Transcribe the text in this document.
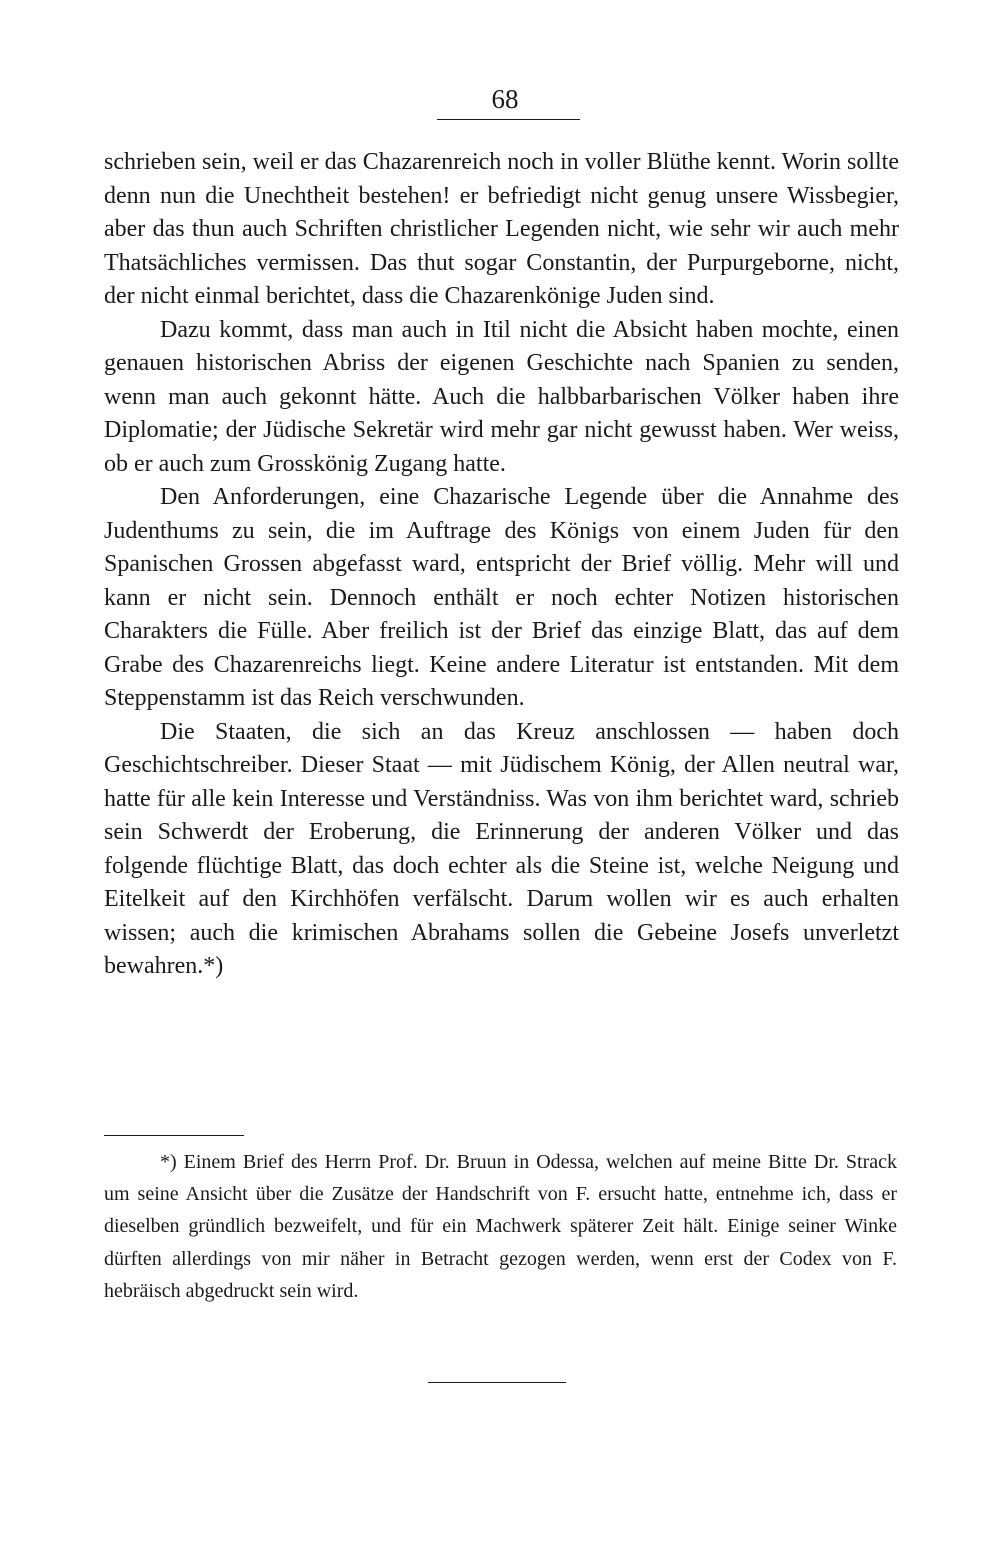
68

schrieben sein, weil er das Chazarenreich noch in voller Blüthe kennt. Worin sollte denn nun die Unechtheit bestehen! er befriedigt nicht genug unsere Wissbegier, aber das thun auch Schriften christlicher Legenden nicht, wie sehr wir auch mehr Thatsächliches vermissen. Das thut sogar Constantin, der Purpurgeborne, nicht, der nicht einmal berichtet, dass die Chazarenkönige Juden sind.

Dazu kommt, dass man auch in Itil nicht die Absicht haben mochte, einen genauen historischen Abriss der eigenen Geschichte nach Spanien zu senden, wenn man auch gekonnt hätte. Auch die halbbarbarischen Völker haben ihre Diplomatie; der Jüdische Sekretär wird mehr gar nicht gewusst haben. Wer weiss, ob er auch zum Grosskönig Zugang hatte.

Den Anforderungen, eine Chazarische Legende über die Annahme des Judenthums zu sein, die im Auftrage des Königs von einem Juden für den Spanischen Grossen abgefasst ward, entspricht der Brief völlig. Mehr will und kann er nicht sein. Dennoch enthält er noch echter Notizen historischen Charakters die Fülle. Aber freilich ist der Brief das einzige Blatt, das auf dem Grabe des Chazarenreichs liegt. Keine andere Literatur ist entstanden. Mit dem Steppenstamm ist das Reich verschwunden.

Die Staaten, die sich an das Kreuz anschlossen — haben doch Geschichtschreiber. Dieser Staat — mit Jüdischem König, der Allen neutral war, hatte für alle kein Interesse und Verständniss. Was von ihm berichtet ward, schrieb sein Schwerdt der Eroberung, die Erinnerung der anderen Völker und das folgende flüchtige Blatt, das doch echter als die Steine ist, welche Neigung und Eitelkeit auf den Kirchhöfen verfälscht. Darum wollen wir es auch erhalten wissen; auch die krimischen Abrahams sollen die Gebeine Josefs unverletzt bewahren.*)

*) Einem Brief des Herrn Prof. Dr. Bruun in Odessa, welchen auf meine Bitte Dr. Strack um seine Ansicht über die Zusätze der Handschrift von F. ersucht hatte, entnehme ich, dass er dieselben gründlich bezweifelt, und für ein Machwerk späterer Zeit hält. Einige seiner Winke dürften allerdings von mir näher in Betracht gezogen werden, wenn erst der Codex von F. hebräisch abgedruckt sein wird.
